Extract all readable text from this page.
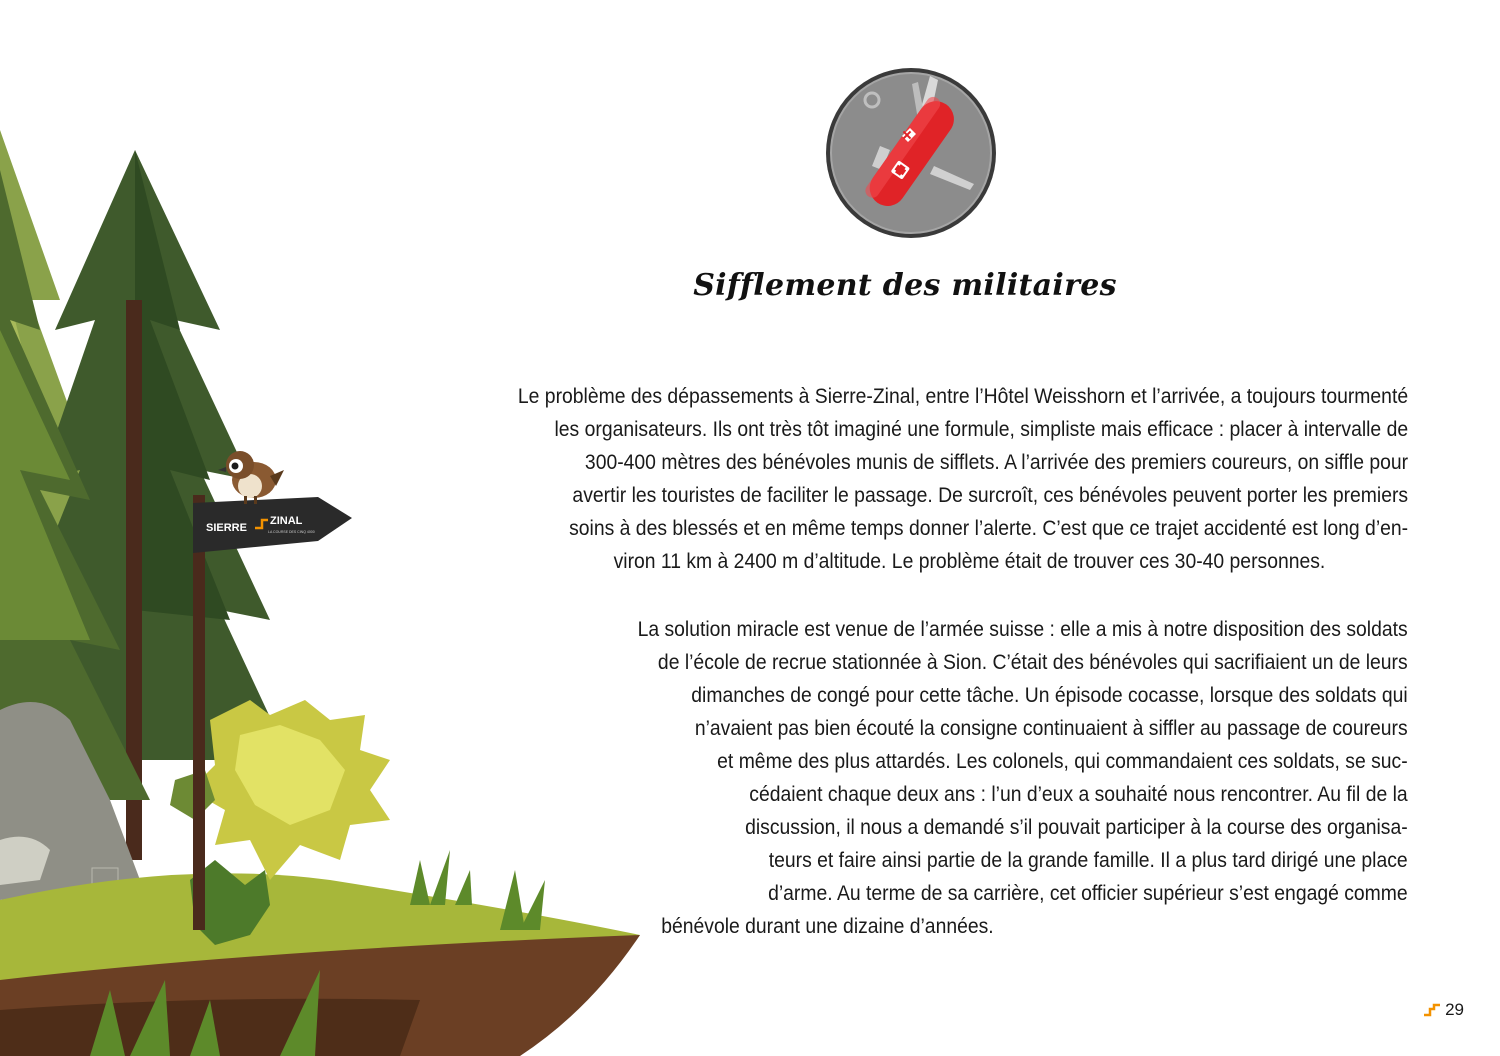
SIERRE
ZINAL
LA COURSE DES CINQ 4000
Sifflement des militaires

Le problème des dépassements à Sierre-Zinal, entre l’Hôtel Weisshorn et l’arrivée, a toujours tourmenté
les organisateurs. Ils ont très tôt imaginé une formule, simpliste mais efficace : placer à intervalle de
300-400 mètres des bénévoles munis de sifflets. A l’arrivée des premiers coureurs, on siffle pour
avertir les touristes de faciliter le passage. De surcroît, ces bénévoles peuvent porter les premiers
soins à des blessés et en même temps donner l’alerte. C’est que ce trajet accidenté est long d’en-
viron 11 km à 2400 m d’altitude. Le problème était de trouver ces 30-40 personnes.

La solution miracle est venue de l’armée suisse : elle a mis à notre disposition des soldats
de l’école de recrue stationnée à Sion. C’était des bénévoles qui sacrifiaient un de leurs
dimanches de congé pour cette tâche. Un épisode cocasse, lorsque des soldats qui
n’avaient pas bien écouté la consigne continuaient à siffler au passage de coureurs
et même des plus attardés. Les colonels, qui commandaient ces soldats, se suc-
cédaient chaque deux ans : l’un d’eux a souhaité nous rencontrer. Au fil de la
discussion, il nous a demandé s’il pouvait participer à la course des organisa-
teurs et faire ainsi partie de la grande famille. Il a plus tard dirigé une place
d’arme. Au terme de sa carrière, cet officier supérieur s’est engagé comme
bénévole durant une dizaine d’années.

29
